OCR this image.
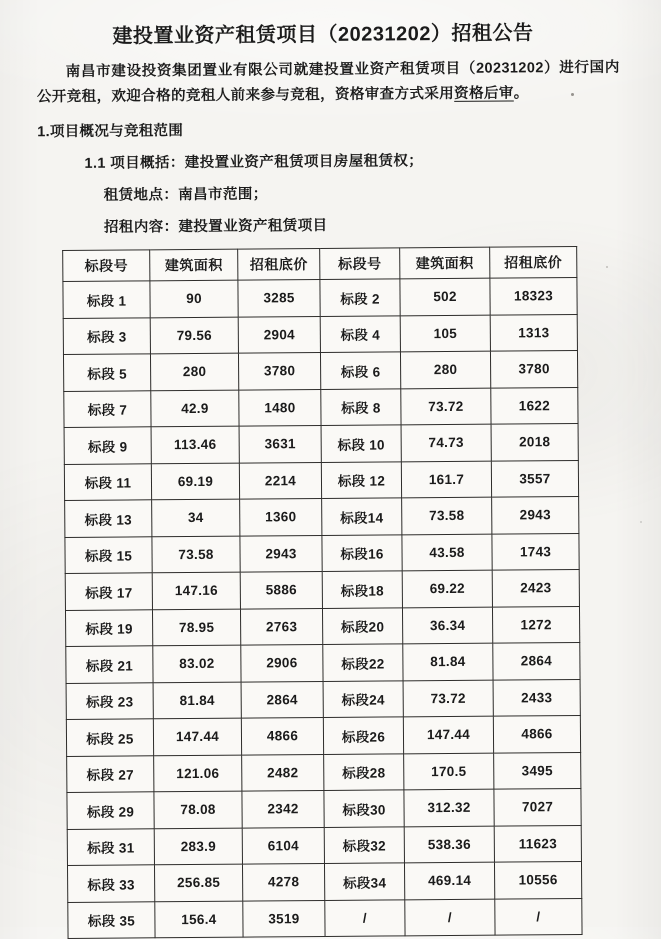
建投置业资产租赁项目（20231202）招租公告

南昌市建设投资集团置业有限公司就建投置业资产租赁项目（20231202）进行国内公开竞租，欢迎合格的竞租人前来参与竞租，资格审查方式采用资格后审。

1.项目概况与竞租范围

1.1 项目概括：建投置业资产租赁项目房屋租赁权；

租赁地点：南昌市范围；

招租内容：建投置业资产租赁项目

标段号	建筑面积	招租底价	标段号	建筑面积	招租底价
标段 1	90	3285	标段 2	502	18323
标段 3	79.56	2904	标段 4	105	1313
标段 5	280	3780	标段 6	280	3780
标段 7	42.9	1480	标段 8	73.72	1622
标段 9	113.46	3631	标段 10	74.73	2018
标段 11	69.19	2214	标段 12	161.7	3557
标段 13	34	1360	标段14	73.58	2943
标段 15	73.58	2943	标段16	43.58	1743
标段 17	147.16	5886	标段18	69.22	2423
标段 19	78.95	2763	标段20	36.34	1272
标段 21	83.02	2906	标段22	81.84	2864
标段 23	81.84	2864	标段24	73.72	2433
标段 25	147.44	4866	标段26	147.44	4866
标段 27	121.06	2482	标段28	170.5	3495
标段 29	78.08	2342	标段30	312.32	7027
标段 31	283.9	6104	标段32	538.36	11623
标段 33	256.85	4278	标段34	469.14	10556
标段 35	156.4	3519	/	/	/
